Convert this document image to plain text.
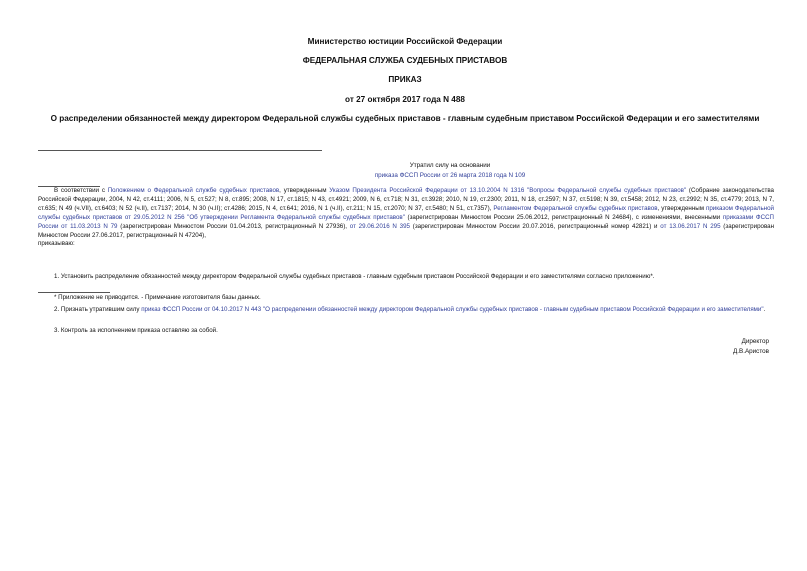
Министерство юстиции Российской Федерации
ФЕДЕРАЛЬНАЯ СЛУЖБА СУДЕБНЫХ ПРИСТАВОВ
ПРИКАЗ
от 27 октября 2017 года N 488
О распределении обязанностей между директором Федеральной службы судебных приставов - главным судебным приставом Российской Федерации и его заместителями
Утратил силу на основании
приказа ФССП России от 26 марта 2018 года N 109
В соответствии с Положением о Федеральной службе судебных приставов, утвержденным Указом Президента Российской Федерации от 13.10.2004 N 1316 "Вопросы Федеральной службы судебных приставов" (Собрание законодательства Российской Федерации, 2004, N 42, ст.4111; 2006, N 5, ст.527; N 8, ст.895; 2008, N 17, ст.1815; N 43, ст.4921; 2009, N 6, ст.718; N 31, ст.3928; 2010, N 19, ст.2300; 2011, N 18, ст.2597; N 37, ст.5198; N 39, ст.5458; 2012, N 23, ст.2992; N 35, ст.4779; 2013, N 7, ст.635; N 49 (ч.VII), ст.6403; N 52 (ч.II), ст.7137; 2014, N 30 (ч.II); ст.4286; 2015, N 4, ст.641; 2016, N 1 (ч.II), ст.211; N 15, ст.2070; N 37, ст.5480; N 51, ст.7357), Регламентом Федеральной службы судебных приставов, утвержденным приказом Федеральной службы судебных приставов от 29.05.2012 N 256 "Об утверждении Регламента Федеральной службы судебных приставов" (зарегистрирован Минюстом России 25.06.2012, регистрационный N 24684), с изменениями, внесенными приказами ФССП России от 11.03.2013 N 79 (зарегистрирован Минюстом России 01.04.2013, регистрационный N 27936), от 29.06.2016 N 395 (зарегистрирован Минюстом России 20.07.2016, регистрационный номер 42821) и от 13.06.2017 N 295 (зарегистрирован Минюстом России 27.06.2017, регистрационный N 47204),
приказываю:
1. Установить распределение обязанностей между директором Федеральной службы судебных приставов - главным судебным приставом Российской Федерации и его заместителями согласно приложению*.
* Приложение не приводится. - Примечание изготовителя базы данных.
2. Признать утратившим силу приказ ФССП России от 04.10.2017 N 443 "О распределении обязанностей между директором Федеральной службы судебных приставов - главным судебным приставом Российской Федерации и его заместителями".
3. Контроль за исполнением приказа оставляю за собой.
Директор
Д.В.Аристов
